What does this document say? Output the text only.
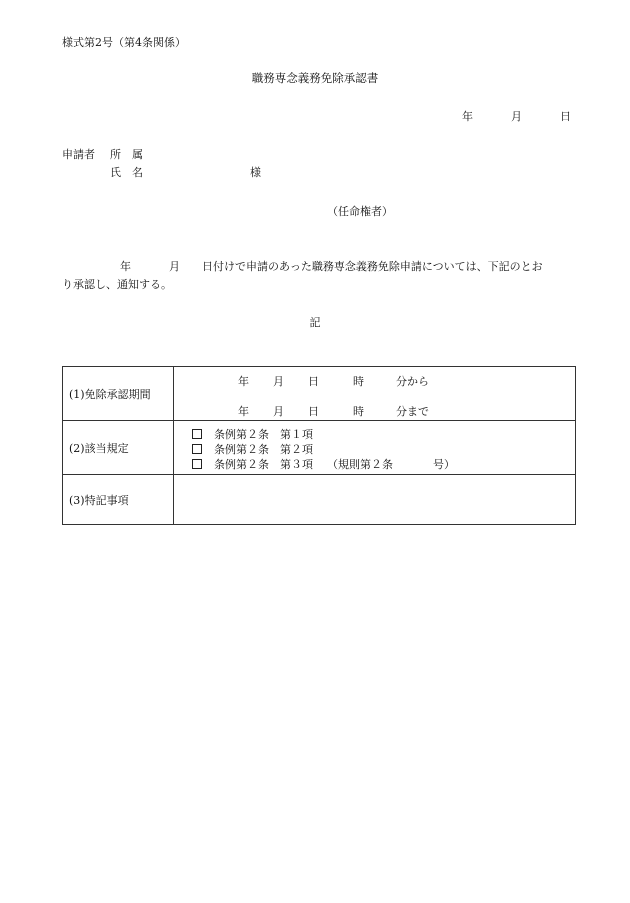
様式第2号（第4条関係）
職務専念義務免除承認書
年	月	日
申請者 所　属
氏　名	様
（任命権者）
年	月 日付けで申請のあった職務専念義務免除申請については、下記のとお
り承認し、通知する。
記
(1)免除承認期間	年 月 日 時 分から
年 月 日 時 分まで

(2)該当規定	条例第２条　第１項
条例第２条　第２項
条例第２条　第３項 （規則第２条 号）

(3)特記事項	
